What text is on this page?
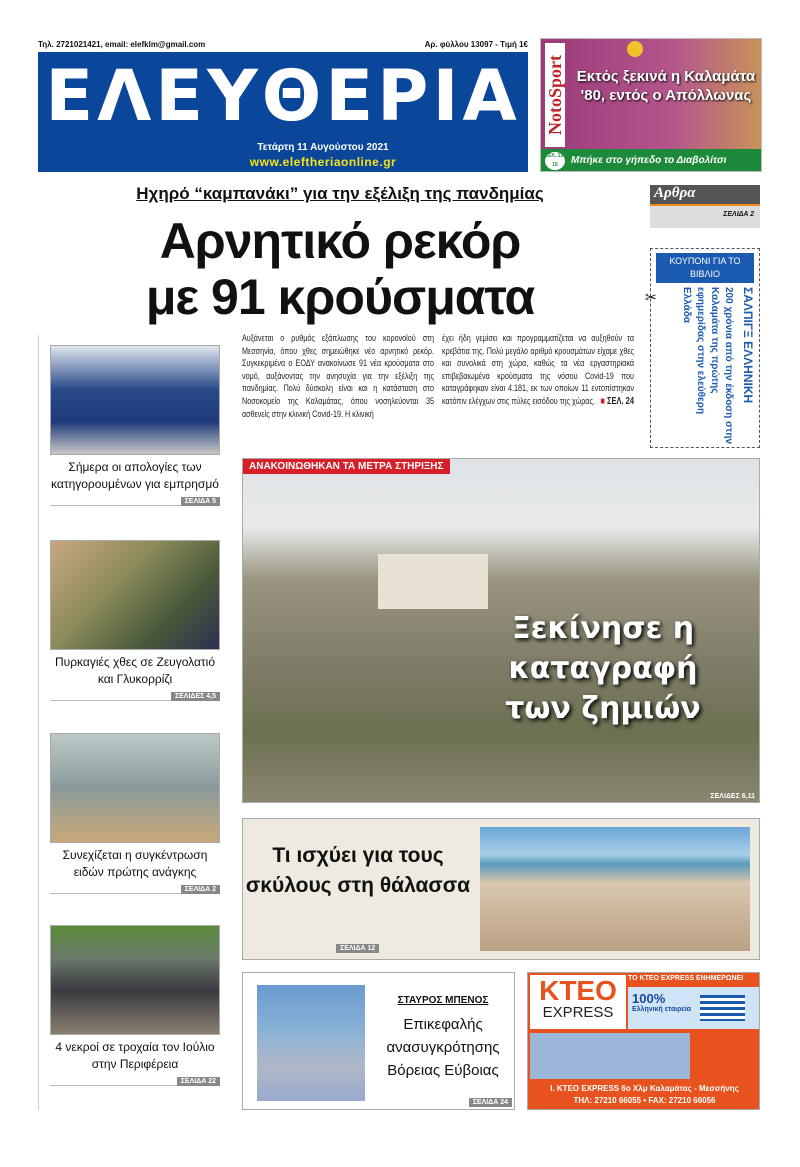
Τηλ. 2721021421, email: elefklm@gmail.com	Αρ. φύλλου 13097 - Τιμή 1€
ΕΛΕΥΘΕΡΙΑ
Τετάρτη 11 Αυγούστου 2021
www.eleftheriaonline.gr
NotoSport Εκτός ξεκινά η Καλαμάτα '80, εντός ο Απόλλωνας
Μπήκε στο γήπεδο το Διαβολίτσι
ΣΕΛ. 13-15
Ηχηρό “καμπανάκι” για την εξέλιξη της πανδημίας
Αρνητικό ρεκόρ
με 91 κρούσματα
Αρθρα
ΣΕΛΙΔΑ 2
✂
ΚΟΥΠΟΝΙ ΓΙΑ ΤΟ ΒΙΒΛΙΟ
ΣΑΛΠΙΓΞ ΕΛΛΗΝΙΚΗ
200 χρόνια από την έκδοση στην Καλαμάτα της πρώτης εφημερίδας στην ελεύθερη Ελλάδα
Αυξάνεται ο ρυθμός εξάπλωσης του κορονοϊού στη Μεσσηνία, όπου χθες σημειώθηκε νέο αρνητικό ρεκόρ. Συγκεκριμένα ο ΕΟΔΥ ανακοίνωσε 91 νέα κρούσματα στο νομό, αυξάνοντας την ανησυχία για την εξέλιξη της πανδημίας. Πολύ δύσκολη είναι και η κατάσταση στο Νοσοκομείο της Καλαμάτας, όπου νοσηλεύονται 35 ασθενείς στην κλινική Covid-19. Η κλινική
έχει ήδη γεμίσει και προγραμματίζεται να αυξηθούν τα κρεβάτια της. Πολύ μεγάλο αριθμό κρουσμάτων είχαμε χθες και συνολικά στη χώρα, καθώς τα νέα εργαστηριακά επιβεβαιωμένα κρούσματα της νόσου Covid-19 που καταγράφηκαν είναι 4.181, εκ των οποίων 11 εντοπίστηκαν κατόπιν ελέγχων στις πύλες εισόδου της χώρας. ■ ΣΕΛ. 24
Σήμερα οι απολογίες των κατηγορουμένων για εμπρησμό
ΣΕΛΙΔΑ 5
Πυρκαγιές χθες σε Ζευγολατιό και Γλυκορρίζι
ΣΕΛΙΔΕΣ 4,5
Συνεχίζεται η συγκέντρωση ειδών πρώτης ανάγκης
ΣΕΛΙΔΑ 2
4 νεκροί σε τροχαία τον Ιούλιο στην Περιφέρεια
ΣΕΛΙΔΑ 22
ΑΝΑΚΟΙΝΩΘΗΚΑΝ ΤΑ ΜΕΤΡΑ ΣΤΗΡΙΞΗΣ
Ξεκίνησε η καταγραφή των ζημιών
ΣΕΛΙΔΕΣ 6,11
Τι ισχύει για τους σκύλους στη θάλασσα
ΣΕΛΙΔΑ 12
ΣΤΑΥΡΟΣ ΜΠΕΝΟΣ
Επικεφαλής ανασυγκρότησης Βόρειας Εύβοιας
ΣΕΛΙΔΑ 24
ΤΟ ΚΤΕΟ EXPRESS ΕΝΗΜΕΡΩΝΕΙ
ΚΤΕΟ
EXPRESS
100%
Ελληνική εταιρεία
Ι. ΚΤΕΟ EXPRESS 6ο Χλμ Καλαμάτας - Μεσσήνης
ΤΗΛ: 27210 66055 • FAX: 27210 66056
